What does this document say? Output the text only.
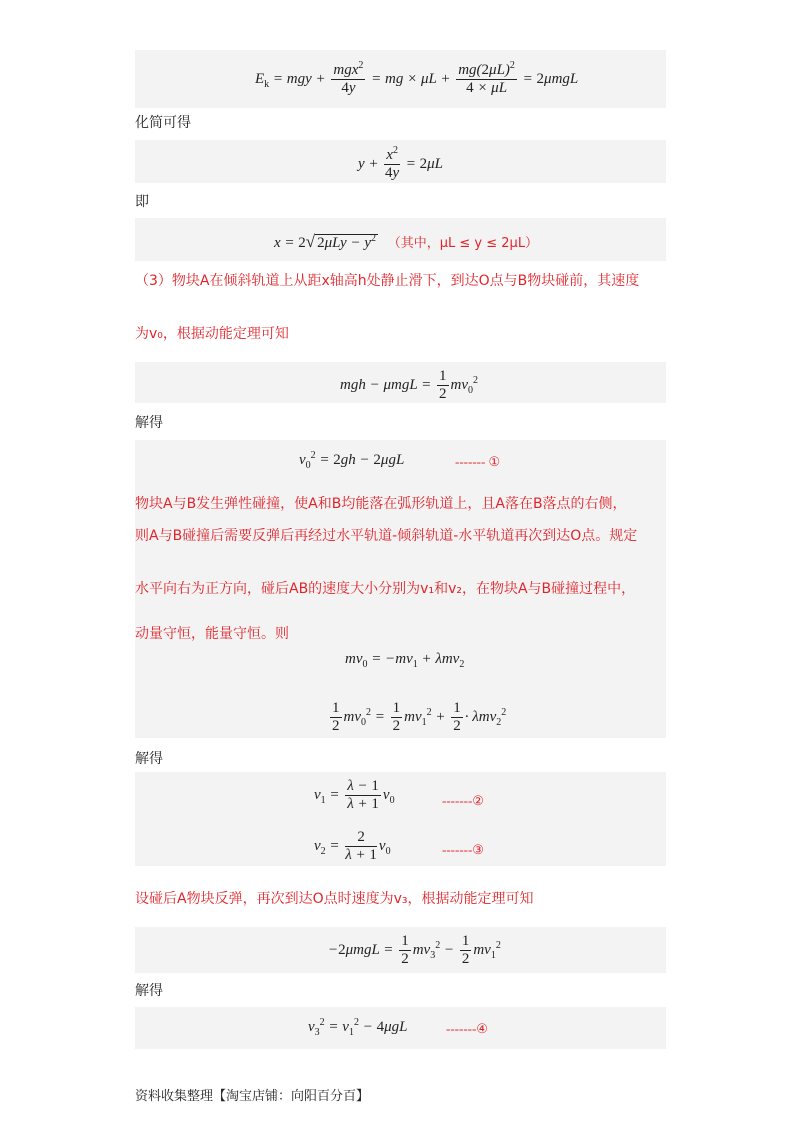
$E_k$ = mgy + $\frac{mgx^2}{4y}$ = mg × $\mu L + \frac{mg(2\mu L)^2}{4 \times \mu L} = 2\mu mgL$
化简可得
$y + \frac{x^2}{4y} = 2\mu L$
即
x = 2√ $2\mu Ly - y^2$ （其中，μL ≤ y ≤ 2μL）
（3）物块A在倾斜轨道上从距x轴高h处静止滑下，到达O点与B物块碰前，其速度
为v₀，根据动能定理可知
mgh − $\mu mgL = \frac{1}{2} mv_0^2$
解得
$v_0^2 = 2gh - 2\mu gL$	------- ①
物块A与B发生弹性碰撞，使A和B均能落在弧形轨道上，且A落在B落点的右侧，
则A与B碰撞后需要反弹后再经过水平轨道-倾斜轨道-水平轨道再次到达O点。规定
水平向右为正方向，碰后AB的速度大小分别为v₁和v₂，在物块A与B碰撞过程中，
动量守恒，能量守恒。则
$mv_0 = -mv_1 + \lambda mv_2$
$\frac{1}{2} mv_0^2 = \frac{1}{2} mv_1^2 + \frac{1}{2} \cdot \lambda mv_2^2$
解得
$v_1 = \frac{\lambda - 1}{\lambda + 1} v_0$	-------②
$v_2 = \frac{2}{\lambda + 1} v_0$	-------③
设碰后A物块反弹，再次到达O点时速度为v₃，根据动能定理可知
$-2\mu mgL = \frac{1}{2} mv_3^2 - \frac{1}{2} mv_1^2$
解得
$v_3^2 = v_1^2 - 4\mu gL$	-------④
资料收集整理【淘宝店铺：向阳百分百】
